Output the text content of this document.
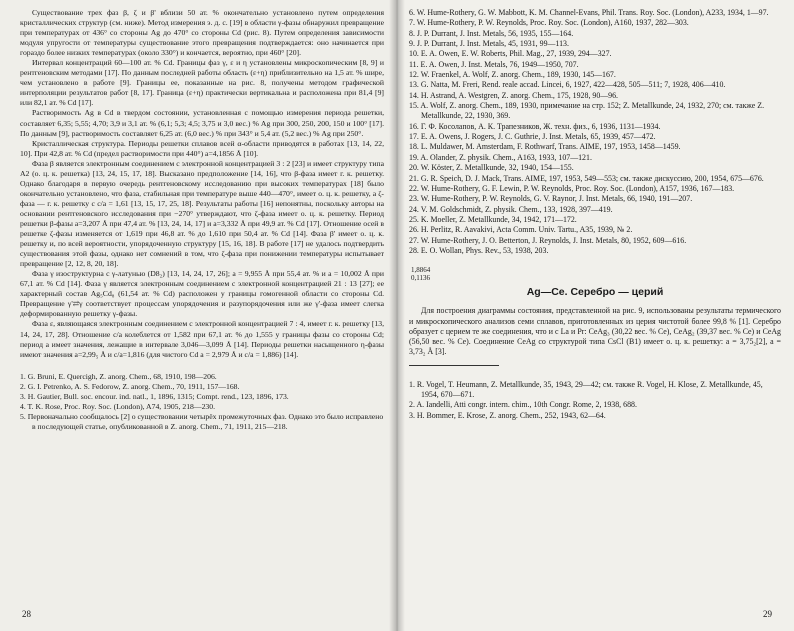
Существование трех фаз β, ζ и β' вблизи 50 ат. % окончательно установлено путем определения кристаллических структур (см. ниже). Метод измерения э. д. с. [19] в области γ-фазы обнаружил превращение при температурах от 436° со стороны Ag до 470° со стороны Cd (рис. 8). Путем определения зависимости модуля упругости от температуры существование этого превращения подтверждается: оно начинается при гораздо более низких температурах (около 330°) и кончается, вероятно, при 460° [20].

Интервал концентраций 60—100 ат. % Cd. Границы фаз γ, ε и η установлены микроскопическим [8, 9] и рентгеновским методами [17]. По данным последней работы область (ε+η) приблизительно на 1,5 ат. % шире, чем установлено в работе [9]. Границы ее, показанные на рис. 8, получены методом графической интерполяции результатов работ [8, 17]. Граница (ε+η) практически вертикальна и расположена при 81,4 [9] или 82,1 ат. % Cd [17].

Растворимость Ag в Cd в твердом состоянии, установленная с помощью измерения периода решетки, составляет 6,35; 5,55; 4,70; 3,9 и 3,1 ат. % (6,1; 5,3; 4,5; 3,75 и 3,0 вес.) % Ag при 300, 250, 200, 150 и 100° [17]. По данным [9], растворимость составляет 6,25 ат. (6,0 вес.) % при 343° и 5,4 ат. (5,2 вес.) % Ag при 250°.

Кристаллическая структура. Периоды решетки сплавов всей α-области приводятся в работах [13, 14, 22, 10]. При 42,8 ат. % Cd (предел растворимости при 440°) a=4,1856 Å [10].

Фаза β является электронным соединением с электронной концентрацией 3 : 2 [23] и имеет структуру типа A2 (о. ц. к. решетка) [13, 24, 15, 17, 18]. Высказано предположение [14, 16], что β-фаза имеет г. к. решетку. Однако благодаря в первую очередь рентгеновскому исследованию при высоких температурах [18] было окончательно установлено, что фаза, стабильная при температуре выше 440—470°, имеет о. ц. к. решетку, а ζ-фаза — г. к. решетку с c/a = 1,61 [13, 15, 17, 25, 18]. Результаты работы [16] непонятны, поскольку авторы на основании рентгеновского исследования при −270° утверждают, что ζ-фаза имеет о. ц. к. решетку. Период решетки β-фазы a=3,207 Å при 47,4 ат. % [13, 24, 14, 17] и a=3,332 Å при 49,9 ат. % Cd [17]. Отношение осей в решетке ζ-фазы изменяется от 1,619 при 46,8 ат. % до 1,610 при 50,4 ат. % Cd [14]. Фаза β' имеет о. ц. к. решетку и, по всей вероятности, упорядоченную структуру [15, 16, 18]. В работе [17] не удалось подтвердить существования этой фазы, однако нет сомнений в том, что ζ-фаза при понижении температуры испытывает превращение [2, 12, 8, 20, 18].

Фаза γ изоструктурна с γ-латунью (D8₂) [13, 14, 24, 17, 26]; a = 9,955 Å при 55,4 ат. % и a = 10,002 Å при 67,1 ат. % Cd [14]. Фаза γ является электронным соединением с электронной концентрацией 21 : 13 [27]; ее характерный состав Ag₅Cd₈ (61,54 ат. % Cd) расположен у границы гомогенной области со стороны Cd. Превращение γ'⇄γ соответствует процессам упорядочения и разупорядочения или же γ'-фаза имеет слегка деформированную решетку γ-фазы.

Фаза ε, являющаяся электронным соединением с электронной концентрацией 7 : 4, имеет г. к. решетку [13, 14, 24, 17, 28]. Отношение c/a колеблется от 1,582 при 67,1 ат. % до 1,555 у границы фазы со стороны Cd; период a имеет значения, лежащие в интервале 3,046—3,099 Å [14]. Периоды решетки насыщенного η-фазы имеют значения a=2,99₅ Å и c/a=1,816 (для чистого Cd a = 2,979 Å и c/a = 1,886) [14].

1. G. Bruni, E. Quercigh, Z. anorg. Chem., 68, 1910, 198—206.
2. G. I. Petrenko, A. S. Fedorow, Z. anorg. Chem., 70, 1911, 157—168.
3. H. Gautier, Bull. soc. encour. ind. natl., 1, 1896, 1315; Compt. rend., 123, 1896, 173.
4. T. K. Rose, Proc. Roy. Soc. (London), A74, 1905, 218—230.
5. Первоначально сообщалось [2] о существовании четырёх промежуточных фаз. Однако это было исправлено в последующей статье, опубликованной в Z. anorg. Chem., 71, 1911, 215—218.
28
6. W. Hume-Rothery, G. W. Mabbott, K. M. Channel-Evans, Phil. Trans. Roy. Soc. (London), A233, 1934, 1—97.
7. W. Hume-Rothery, P. W. Reynolds, Proc. Roy. Soc. (London), A160, 1937, 282—303.
8. J. P. Durrant, J. Inst. Metals, 56, 1935, 155—164.
9. J. P. Durrant, J. Inst. Metals, 45, 1931, 99—113.
10. E. A. Owen, E. W. Roberts, Phil. Mag., 27, 1939, 294—327.
11. E. A. Owen, J. Inst. Metals, 76, 1949—1950, 707.
12. W. Fraenkel, A. Wolf, Z. anorg. Chem., 189, 1930, 145—167.
13. G. Natta, M. Freri, Rend. reale accad. Lincei, 6, 1927, 422—428, 505—511; 7, 1928, 406—410.
14. H. Astrand, A. Westgren, Z. anorg. Chem., 175, 1928, 90—96.
15. A. Wolf, Z. anorg. Chem., 189, 1930, примечание на стр. 152; Z. Metallkunde, 24, 1932, 270; см. также Z. Metallkunde, 22, 1930, 369.
16. Г. Ф. Косолапов, А. К. Трапезников, Ж. техн. физ., 6, 1936, 1131—1934.
17. E. A. Owens, J. Rogers, J. C. Guthrie, J. Inst. Metals, 65, 1939, 457—472.
18. L. Muldawer, M. Amsterdam, F. Rothwarf, Trans. AIME, 197, 1953, 1458—1459.
19. A. Olander, Z. physik. Chem., A163, 1933, 107—121.
20. W. Köster, Z. Metallkunde, 32, 1940, 154—155.
21. G. R. Speich, D. J. Mack, Trans. AIME, 197, 1953, 549—553; см. также дискуссию, 200, 1954, 675—676.
22. W. Hume-Rothery, G. F. Lewin, P. W. Reynolds, Proc. Roy. Soc. (London), A157, 1936, 167—183.
23. W. Hume-Rothery, P. W. Reynolds, G. V. Raynor, J. Inst. Metals, 66, 1940, 191—207.
24. V. M. Goldschmidt, Z. physik. Chem., 133, 1928, 397—419.
25. K. Moeller, Z. Metallkunde, 34, 1942, 171—172.
26. H. Perlitz, R. Aavakivi, Acta Comm. Univ. Tartu., A35, 1939, № 2.
27. W. Hume-Rothery, J. O. Betterton, J. Reynolds, J. Inst. Metals, 80, 1952, 609—616.
28. E. O. Wollan, Phys. Rev., 53, 1938, 203.
1,8864
0,1136
Ag—Ce. Серебро — церий

Для построения диаграммы состояния, представленной на рис. 9, использованы результаты термического и микроскопического анализов семи сплавов, приготовленных из церия чистотой более 99,8 % [1]. Серебро образует с церием те же соединения, что и с La и Pr: CeAg₃ (30,22 вес. % Ce), CeAg₂ (39,37 вес. % Ce) и CeAg (56,50 вес. % Ce). Соединение CeAg со структурой типа CsCl (B1) имеет о. ц. к. решетку: a = 3,75₂[2], a = 3,73₂ Å [3].

1. R. Vogel, T. Heumann, Z. Metallkunde, 35, 1943, 29—42; см. также R. Vogel, H. Klose, Z. Metallkunde, 45, 1954, 670—671.
2. A. Iandelli, Atti congr. intern. chim., 10th Congr. Rome, 2, 1938, 688.
3. H. Bommer, E. Krose, Z. anorg. Chem., 252, 1943, 62—64.
29
